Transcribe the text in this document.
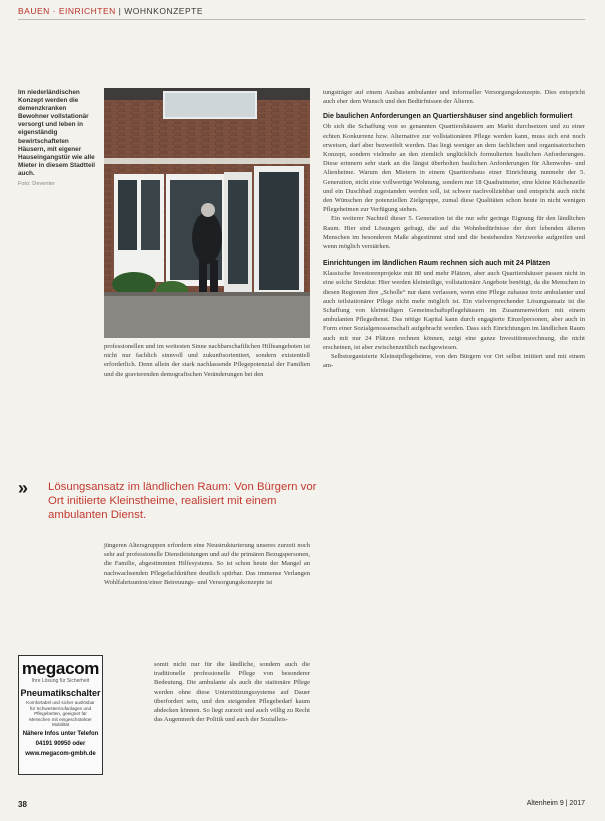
BAUEN · EINRICHTEN | WOHNKONZEPTE
Im niederländischen Konzept werden die demenzkranken Bewohner vollstationär versorgt und leben in eigenständig bewirtschafteten Häusern, mit eigener Hauseingangstür wie alle Mieter in diesem Stadtteil auch.
Foto: Deventer

professionellen und im weitesten Sinne nachbarschaftlichen Hilfeangeboten ist nicht nur fachlich sinnvoll und zukunftsorientiert, sondern existentiell erforderlich. Denn allein der stark nachlassende Pflegepotenzial der Familien und die gravierenden demografischen Veränderungen bei den

» Lösungsansatz im ländlichen Raum: Von Bürgern vor Ort initiierte Kleinstheime, realisiert mit einem ambulanten Dienst.

jüngeren Altersgruppen erfordern eine Neustrukturierung unseres zurzeit noch sehr auf professionelle Dienstleistungen und auf die primären Bezugspersonen, die Familie, abgestimmten Hilfesystems. So ist schon heute der Mangel an nachwachsenden Pflegefachkräften deutlich spürbar. Das immense Verlangen Wohlfahrtsunion/einer Betreuungs- und Versorgungskonzepte ist

somit nicht nur für die ländliche, sondern auch die traditionelle professionelle Pflege von besonderer Bedeutung. Die ambulante als auch die stationäre Pflege werden ohne diese Unterstützungssysteme auf Dauer überfordert sein, und den steigenden Pflegebedarf kaum abdecken können. So liegt zurzeit und auch völlig zu Recht das Augenmerk der Politik und auch der Sozialleis-

megacom
Ihre Lösung für Sicherheit
Pneumatikschalter
Komfortabel und sicher auslösbar für Schwesternrufanlagen und Pflegebetten, geeignet für Menschen mit eingeschränkter Mobilität
Nähere Infos unter Telefon
04191 90950 oder
www.megacom-gmbh.de

tungsträger auf einem Ausbau ambulanter und informeller Versorgungskonzepte. Dies entspricht auch eher dem Wunsch und den Bedürfnissen der Älteren.

Die baulichen Anforderungen an Quartiershäuser sind angeblich formuliert

Ob sich die Schaffung von so genannten Quartiershäusern am Markt durchsetzen und zu einer echten Konkurrenz bzw. Alternative zur vollstationären Pflege werden kann, muss sich erst noch erweisen, darf aber bezweifelt werden. Das liegt weniger an dem fachlichen und organisatorischen Konzept, sondern vielmehr an den ziemlich unglücklich formulierten baulichen Anforderungen. Diese erinnern sehr stark an die längst überholten baulichen Anforderungen für Altenwohn- und Altenheime. Warum den Mietern in einem Quartiershaus einer Einrichtung nunmehr der 5. Generation, nicht eine vollwertige Wohnung, sondern nur 18 Quadratmeter, eine kleine Küchenzeile und ein Duschbad zugestanden werden soll, ist schwer nachvollziehbar und entspricht auch nicht den Wünschen der potenziellen Zielgruppe, zumal diese Qualitäten schon heute in nicht wenigen Pflegeheimen zur Verfügung stehen.

Ein weiterer Nachteil dieser 5. Generation ist die nur sehr geringe Eignung für den ländlichen Raum. Hier sind Lösungen gefragt, die auf die Wohnbedürfnisse der dort lebenden älteren Menschen im besonderen Maße abgestimmt sind und die bestehenden Netzwerke aufgreifen und wenn möglich verstärken.

Einrichtungen im ländlichen Raum rechnen sich auch mit 24 Plätzen

Klassische Investorenprojekte mit 80 und mehr Plätzen, aber auch Quartiershäuser passen nicht in eine solche Struktur. Hier werden kleinteilige, vollstationäre Angebote benötigt, da die Menschen in diesen Regionen ihre „Scholle“ nur dann verlassen, wenn eine Pflege zuhause trotz ambulanter und auch teilstationärer Pflege nicht mehr möglich ist. Ein vielversprechender Lösungsansatz ist die Schaffung von kleinteiligen Gemeinschaftspflegehäusern im Zusammenwirken mit einem ambulanten Pflegedienst. Das nötige Kapital kann durch engagierte Einzelpersonen, aber auch in Form einer Sozialgenossenschaft aufgebracht werden. Dass sich Einrichtungen im ländlichen Raum auch mit nur 24 Plätzen rechnen können, zeigt eine ganze Investitionsrechnung, die nicht erscheinen, ist aber zwischenzeitlich nachgewiesen.

Selbstorganisierte Kleinstpflegeheime, von den Bürgern vor Ort selbst initiiert und mit einem am-

38	Altenheim 9 | 2017
